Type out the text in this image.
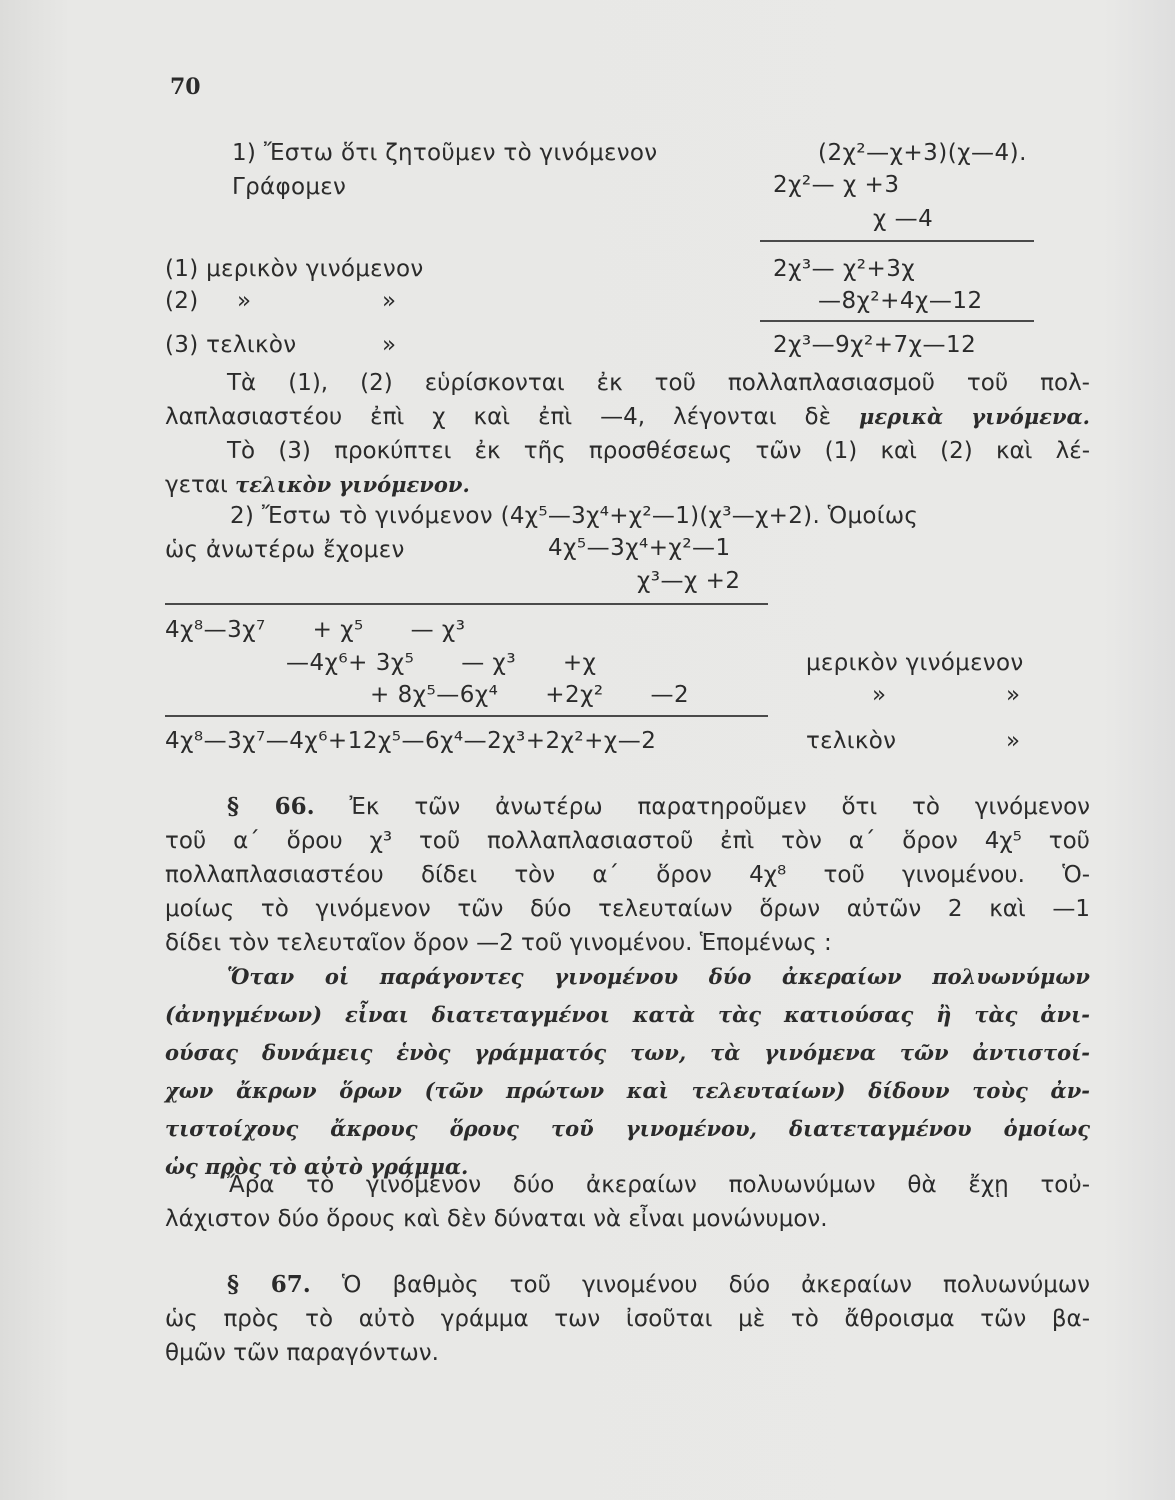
70
1) Ἔστω ὅτι ζητοῦμεν τὸ γινόμενον	(2χ²—χ+3)(χ—4).
Γράφομεν	2χ²— χ +3
χ —4
(1) μερικὸν γινόμενον	2χ³— χ²+3χ
(2) »	»	—8χ²+4χ—12
(3) τελικὸν	»	2χ³—9χ²+7χ—12
Τὰ (1), (2) εὑρίσκονται ἐκ τοῦ πολλαπλασιασμοῦ τοῦ πολ-
λαπλασιαστέου ἐπὶ χ καὶ ἐπὶ —4, λέγονται δὲ μερικὰ γινόμενα.
Τὸ (3) προκύπτει ἐκ τῆς προσθέσεως τῶν (1) καὶ (2) καὶ λέ-
γεται τελικὸν γινόμενον.
2) Ἔστω τὸ γινόμενον (4χ⁵—3χ⁴+χ²—1)(χ³—χ+2). Ὁμοίως
ὡς ἀνωτέρω ἔχομεν	4χ⁵—3χ⁴+χ²—1
χ³—χ +2
4χ⁸—3χ⁷      + χ⁵      — χ³
—4χ⁶+ 3χ⁵      — χ³      +χ	μερικὸν γινόμενον
+ 8χ⁵—6χ⁴      +2χ²      —2	»	»
4χ⁸—3χ⁷—4χ⁶+12χ⁵—6χ⁴—2χ³+2χ²+χ—2	τελικὸν	»
§ 66. Ἐκ τῶν ἀνωτέρω παρατηροῦμεν ὅτι τὸ γινόμενον
τοῦ α΄ ὅρου χ³ τοῦ πολλαπλασιαστοῦ ἐπὶ τὸν α΄ ὅρον 4χ⁵ τοῦ
πολλαπλασιαστέου δίδει τὸν α΄ ὅρον 4χ⁸ τοῦ γινομένου. Ὁ-
μοίως τὸ γινόμενον τῶν δύο τελευταίων ὅρων αὐτῶν 2 καὶ —1
δίδει τὸν τελευταῖον ὅρον —2 τοῦ γινομένου. Ἑπομένως :
Ὅταν οἱ παράγοντες γινομένου δύο ἀκεραίων πολυωνύμων
(ἀνηγμένων) εἶναι διατεταγμένοι κατὰ τὰς κατιούσας ἢ τὰς ἀνι-
ούσας δυνάμεις ἑνὸς γράμματός των, τὰ γινόμενα τῶν ἀντιστοί-
χων ἄκρων ὅρων (τῶν πρώτων καὶ τελευταίων) δίδουν τοὺς ἀν-
τιστοίχους ἄκρους ὅρους τοῦ γινομένου, διατεταγμένου ὁμοίως
ὡς πρὸς τὸ αὐτὸ γράμμα.
Ἄρα τὸ γινόμενον δύο ἀκεραίων πολυωνύμων θὰ ἔχῃ τοὐ-
λάχιστον δύο ὅρους καὶ δὲν δύναται νὰ εἶναι μονώνυμον.
§ 67. Ὁ βαθμὸς τοῦ γινομένου δύο ἀκεραίων πολυωνύμων
ὡς πρὸς τὸ αὐτὸ γράμμα των ἰσοῦται μὲ τὸ ἄθροισμα τῶν βα-
θμῶν τῶν παραγόντων.
